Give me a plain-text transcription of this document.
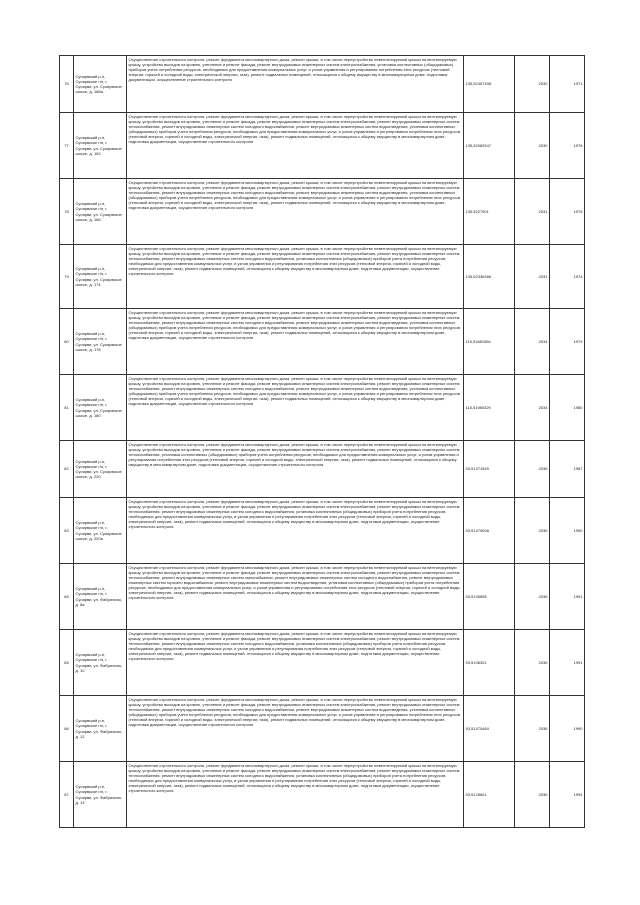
76	Суоярвский р-н, Суоярвское г/п, г. Суоярви, ул. Суоярвское шоссе, д. 168а	Осуществление строительного контроля, ремонт фундамента многоквартирного дома, ремонт крыши, в том числе переустройство невентилируемой крыши на вентилируемую крышу, устройство выходов на кровлю, утепление и ремонт фасада, ремонт внутридомовых инженерных систем электроснабжения, установка коллективных (общедомовых) приборов учета потребления ресурсов, необходимых для предоставления коммунальных услуг, и узлов управления и регулирования потребления этих ресурсов (тепловой энергии, горячей и холодной воды, электрической энергии, газа), ремонт подвальных помещений, относящихся к общему имуществу в многоквартирном доме, подготовка документации, осуществление строительного контроля	135,52457498	2030	1971
77	Суоярвский р-н, Суоярвское г/п, г. Суоярви, ул. Суоярвское шоссе, д. 162	Осуществление строительного контроля, ремонт фундамента многоквартирного дома, ремонт крыши, в том числе переустройство невентилируемой крыши на вентилируемую крышу, устройство выходов на кровлю, утепление и ремонт фасада, ремонт внутридомовых инженерных систем электроснабжения, ремонт внутридомовых инженерных систем теплоснабжения, ремонт внутридомовых инженерных систем холодного водоснабжения, ремонт внутридомовых инженерных систем водоотведения, установка коллективных (общедомовых) приборов учета потребления ресурсов, необходимых для предоставления коммунальных услуг, и узлов управления и регулирования потребления этих ресурсов (тепловой энергии, горячей и холодной воды, электрической энергии, газа), ремонт подвальных помещений, относящихся к общему имуществу в многоквартирном доме, подготовка документации, осуществление строительного контроля	135,52082547	2030	1976
78	Суоярвский р-н, Суоярвское г/п, г. Суоярви, ул. Суоярвское шоссе, д. 166	Осуществление строительного контроля, ремонт фундамента многоквартирного дома, ремонт крыши, в том числе переустройство невентилируемой крыши на вентилируемую крышу, устройство выходов на кровлю, утепление и ремонт фасада, ремонт внутридомовых инженерных систем электроснабжения, ремонт внутридомовых инженерных систем теплоснабжения, ремонт внутридомовых инженерных систем холодного водоснабжения, ремонт внутридомовых инженерных систем водоотведения, установка коллективных (общедомовых) приборов учета потребления ресурсов, необходимых для предоставления коммунальных услуг, и узлов управления и регулирования потребления этих ресурсов (тепловой энергии, горячей и холодной воды, электрической энергии, газа), ремонт подвальных помещений, относящихся к общему имуществу в многоквартирном доме, подготовка документации, осуществление строительного контроля	135,5227901	2031	1975
79	Суоярвский р-н, Суоярвское г/п, г. Суоярви, ул. Суоярвское шоссе, д. 174	Осуществление строительного контроля, ремонт фундамента многоквартирного дома, ремонт крыши, в том числе переустройство невентилируемой крыши на вентилируемую крышу, устройство выходов на кровлю, утепление и ремонт фасада, ремонт внутридомовых инженерных систем электроснабжения, ремонт внутридомовых инженерных систем теплоснабжения, ремонт внутридомовых инженерных систем холодного водоснабжения, установка коллективных (общедомовых) приборов учета потребления ресурсов, необходимых для предоставления коммунальных услуг, и узлов управления и регулирования потребления этих ресурсов (тепловой энергии, горячей и холодной воды, электрической энергии, газа), ремонт подвальных помещений, относящихся к общему имуществу в многоквартирном доме, подготовка документации, осуществление строительного контроля	135,52336486	2031	1974
80	Суоярвский р-н, Суоярвское г/п, г. Суоярви, ул. Суоярвское шоссе, д. 176	Осуществление строительного контроля, ремонт фундамента многоквартирного дома, ремонт крыши, в том числе переустройство невентилируемой крыши на вентилируемую крышу, устройство выходов на кровлю, утепление и ремонт фасада, ремонт внутридомовых инженерных систем электроснабжения, ремонт внутридомовых инженерных систем теплоснабжения, ремонт внутридомовых инженерных систем холодного водоснабжения, ремонт внутридомовых инженерных систем водоотведения, установка коллективных (общедомовых) приборов учета потребления ресурсов, необходимых для предоставления коммунальных услуг, и узлов управления и регулирования потребления этих ресурсов (тепловой энергии, горячей и холодной воды, электрической энергии, газа), ремонт подвальных помещений, относящихся к общему имуществу в многоквартирном доме, подготовка документации, осуществление строительного контроля	115,51681584	2034	1979
81	Суоярвский р-н, Суоярвское г/п, г. Суоярви, ул. Суоярвское шоссе, д. 180	Осуществление строительного контроля, ремонт фундамента многоквартирного дома, ремонт крыши, в том числе переустройство невентилируемой крыши на вентилируемую крышу, устройство выходов на кровлю, утепление и ремонт фасада, ремонт внутридомовых инженерных систем электроснабжения, ремонт внутридомовых инженерных систем теплоснабжения, ремонт внутридомовых инженерных систем холодного водоснабжения, ремонт внутридомовых инженерных систем водоотведения, установка коллективных (общедомовых) приборов учета потребления ресурсов, необходимых для предоставления коммунальных услуг, и узлов управления и регулирования потребления этих ресурсов (тепловой энергии, горячей и холодной воды, электрической энергии, газа), ремонт подвальных помещений, относящихся к общему имуществу в многоквартирном доме, подготовка документации, осуществление строительного контроля	115,51980329	2034	1980
82	Суоярвский р-н, Суоярвское г/п, г. Суоярви, ул. Суоярвское шоссе, д. 220	Осуществление строительного контроля, ремонт фундамента многоквартирного дома, ремонт крыши, в том числе переустройство невентилируемой крыши на вентилируемую крышу, устройство выходов на кровлю, утепление и ремонт фасада, ремонт внутридомовых инженерных систем электроснабжения, ремонт внутридомовых инженерных систем теплоснабжения, установка коллективных (общедомовых) приборов учета потребления ресурсов, необходимых для предоставления коммунальных услуг, и узлов управления и регулирования потребления этих ресурсов (тепловой энергии, горячей и холодной воды, электрической энергии, газа), ремонт подвальных помещений, относящихся к общему имуществу в многоквартирном доме, подготовка документации, осуществление строительного контроля	93,51371549	2036	1987
83	Суоярвский р-н, Суоярвское г/п, г. Суоярви, ул. Суоярвское шоссе, д. 220а	Осуществление строительного контроля, ремонт фундамента многоквартирного дома, ремонт крыши, в том числе переустройство невентилируемой крыши на вентилируемую крышу, устройство выходов на кровлю, утепление и ремонт фасада, ремонт внутридомовых инженерных систем электроснабжения, ремонт внутридомовых инженерных систем теплоснабжения, ремонт внутридомовых инженерных систем холодного водоснабжения, установка коллективных (общедомовых) приборов учета потребления ресурсов, необходимых для предоставления коммунальных услуг, и узлов управления и регулирования потребления этих ресурсов (тепловой энергии, горячей и холодной воды, электрической энергии, газа), ремонт подвальных помещений, относящихся к общему имуществу в многоквартирном доме, подготовка документации, осуществление строительного контроля	93,51479008	2036	1990
84	Суоярвский р-н, Суоярвское г/п, г. Суоярви, ул. Фабричная, д. 8а	Осуществление строительного контроля, ремонт фундамента многоквартирного дома, ремонт крыши, в том числе переустройство невентилируемой крыши на вентилируемую крышу, устройство выходов на кровлю, утепление и ремонт фасада, ремонт внутридомовых инженерных систем электроснабжения, ремонт внутридомовых инженерных систем теплоснабжения, ремонт внутридомовых инженерных систем газоснабжения, ремонт внутридомовых инженерных систем холодного водоснабжения, ремонт внутридомовых инженерных систем горячего водоснабжения, ремонт внутридомовых инженерных систем водоотведения, установка коллективных (общедомовых) приборов учета потребления ресурсов, необходимых для предоставления коммунальных услуг, и узлов управления и регулирования потребления этих ресурсов (тепловой энергии, горячей и холодной воды, электрической энергии, газа), ремонт подвальных помещений, относящихся к общему имуществу в многоквартирном доме, подготовка документации, осуществление строительного контроля	93,5136898	2036	1991
85	Суоярвский р-н, Суоярвское г/п, г. Суоярви, ул. Фабричная, д. 10	Осуществление строительного контроля, ремонт фундамента многоквартирного дома, ремонт крыши, в том числе переустройство невентилируемой крыши на вентилируемую крышу, устройство выходов на кровлю, утепление и ремонт фасада, ремонт внутридомовых инженерных систем электроснабжения, ремонт внутридомовых инженерных систем теплоснабжения, ремонт внутридомовых инженерных систем холодного водоснабжения, установка коллективных (общедомовых) приборов учета потребления ресурсов, необходимых для предоставления коммунальных услуг, и узлов управления и регулирования потребления этих ресурсов (тепловой энергии, горячей и холодной воды, электрической энергии, газа), ремонт подвальных помещений, относящихся к общему имуществу в многоквартирном доме, подготовка документации, осуществление строительного контроля	93,5136301	2036	1991
86	Суоярвский р-н, Суоярвское г/п, г. Суоярви, ул. Фабричная, д. 12	Осуществление строительного контроля, ремонт фундамента многоквартирного дома, ремонт крыши, в том числе переустройство невентилируемой крыши на вентилируемую крышу, устройство выходов на кровлю, утепление и ремонт фасада, ремонт внутридомовых инженерных систем электроснабжения, ремонт внутридомовых инженерных систем теплоснабжения, ремонт внутридомовых инженерных систем холодного водоснабжения, ремонт внутридомовых инженерных систем водоотведения, установка коллективных (общедомовых) приборов учета потребления ресурсов, необходимых для предоставления коммунальных услуг, и узлов управления и регулирования потребления этих ресурсов (тепловой энергии, горячей и холодной воды, электрической энергии, газа), ремонт подвальных помещений, относящихся к общему имуществу в многоквартирном доме, подготовка документации, осуществление строительного контроля	93,51470484	2036	1990
87	Суоярвский р-н, Суоярвское г/п, г. Суоярви, ул. Фабричная, д. 13	Осуществление строительного контроля, ремонт фундамента многоквартирного дома, ремонт крыши, в том числе переустройство невентилируемой крыши на вентилируемую крышу, устройство выходов на кровлю, утепление и ремонт фасада, ремонт внутридомовых инженерных систем электроснабжения, ремонт внутридомовых инженерных систем теплоснабжения, ремонт внутридомовых инженерных систем холодного водоснабжения, установка коллективных (общедомовых) приборов учета потребления ресурсов, необходимых для предоставления коммунальных услуг, и узлов управления и регулирования потребления этих ресурсов (тепловой энергии, горячей и холодной воды, электрической энергии, газа), ремонт подвальных помещений, относящихся к общему имуществу в многоквартирном доме, подготовка документации, осуществление строительного контроля	93,5128601	2036	1994
